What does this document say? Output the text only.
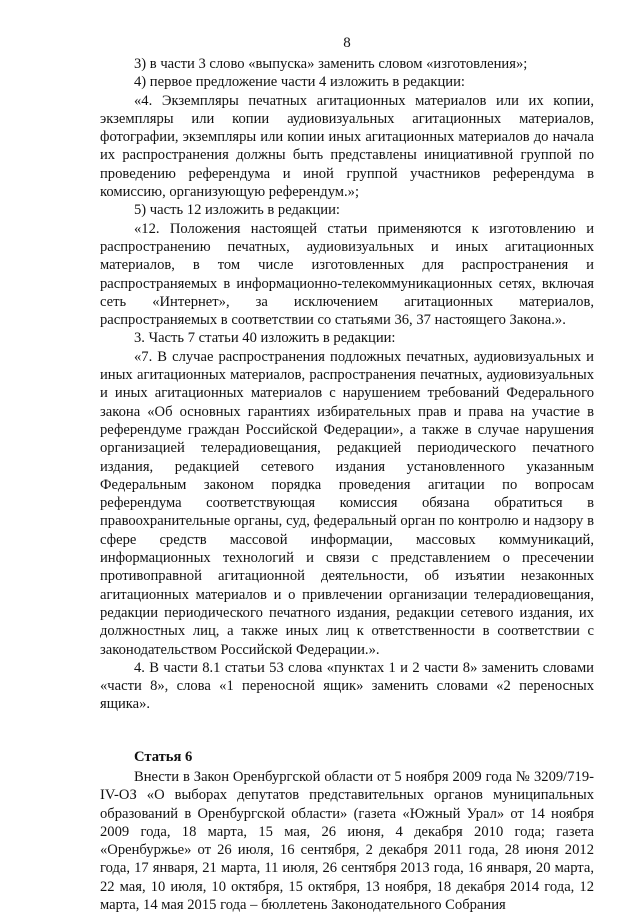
8

3) в части 3 слово «выпуска» заменить словом «изготовления»;

4) первое предложение части 4 изложить в редакции:

«4. Экземпляры печатных агитационных материалов или их копии, экземпляры или копии аудиовизуальных агитационных материалов, фотографии, экземпляры или копии иных агитационных материалов до начала их распространения должны быть представлены инициативной группой по проведению референдума и иной группой участников референдума в комиссию, организующую референдум.»;

5) часть 12 изложить в редакции:

«12. Положения настоящей статьи применяются к изготовлению и распространению печатных, аудиовизуальных и иных агитационных материалов, в том числе изготовленных для распространения и распространяемых в информационно-телекоммуникационных сетях, включая сеть «Интернет», за исключением агитационных материалов, распространяемых в соответствии со статьями 36, 37 настоящего Закона.».

3. Часть 7 статьи 40 изложить в редакции:

«7. В случае распространения подложных печатных, аудиовизуальных и иных агитационных материалов, распространения печатных, аудиовизуальных и иных агитационных материалов с нарушением требований Федерального закона «Об основных гарантиях избирательных прав и права на участие в референдуме граждан Российской Федерации», а также в случае нарушения организацией телерадиовещания, редакцией периодического печатного издания, редакцией сетевого издания установленного указанным Федеральным законом порядка проведения агитации по вопросам референдума соответствующая комиссия обязана обратиться в правоохранительные органы, суд, федеральный орган по контролю и надзору в сфере средств массовой информации, массовых коммуникаций, информационных технологий и связи с представлением о пресечении противоправной агитационной деятельности, об изъятии незаконных агитационных материалов и о привлечении организации телерадиовещания, редакции периодического печатного издания, редакции сетевого издания, их должностных лиц, а также иных лиц к ответственности в соответствии с законодательством Российской Федерации.».

4. В части 8.1 статьи 53 слова «пунктах 1 и 2 части 8» заменить словами «части 8», слова «1 переносной ящик» заменить словами «2 переносных ящика».

Статья 6

Внести в Закон Оренбургской области от 5 ноября 2009 года № 3209/719-IV-ОЗ «О выборах депутатов представительных органов муниципальных образований в Оренбургской области» (газета «Южный Урал» от 14 ноября 2009 года, 18 марта, 15 мая, 26 июня, 4 декабря 2010 года; газета «Оренбуржье» от 26 июля, 16 сентября, 2 декабря 2011 года, 28 июня 2012 года, 17 января, 21 марта, 11 июля, 26 сентября 2013 года, 16 января, 20 марта, 22 мая, 10 июля, 10 октября, 15 октября, 13 ноября, 18 декабря 2014 года, 12 марта, 14 мая 2015 года – бюллетень Законодательного Собрания
